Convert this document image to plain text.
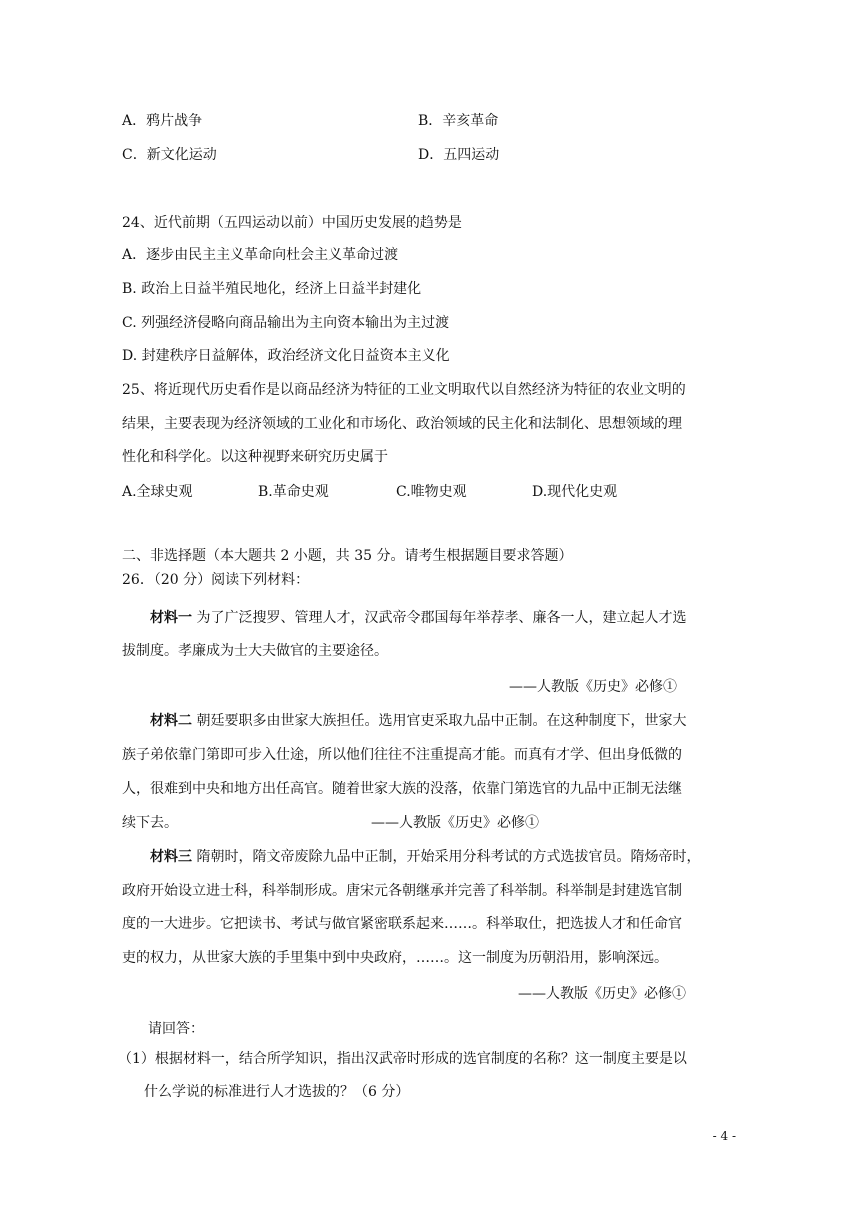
A．鸦片战争	B．辛亥革命
C．新文化运动	D．五四运动
24、近代前期（五四运动以前）中国历史发展的趋势是
A．逐步由民主主义革命向杜会主义革命过渡
B. 政治上日益半殖民地化，经济上日益半封建化
C. 列强经济侵略向商品输出为主向资本输出为主过渡
D. 封建秩序日益解体，政治经济文化日益资本主义化
25、将近现代历史看作是以商品经济为特征的工业文明取代以自然经济为特征的农业文明的
结果，主要表现为经济领域的工业化和市场化、政治领域的民主化和法制化、思想领域的理
性化和科学化。以这种视野来研究历史属于
A.全球史观	B.革命史观	C.唯物史观	D.现代化史观
二、非选择题（本大题共 2 小题，共 35 分。请考生根据题目要求答题）
26．（20 分）阅读下列材料：
材料一 为了广泛搜罗、管理人才，汉武帝令郡国每年举荐孝、廉各一人，建立起人才选
拔制度。孝廉成为士大夫做官的主要途径。
——人教版《历史》必修①
材料二 朝廷要职多由世家大族担任。选用官吏采取九品中正制。在这种制度下，世家大
族子弟依靠门第即可步入仕途，所以他们往往不注重提高才能。而真有才学、但出身低微的
人，很难到中央和地方出任高官。随着世家大族的没落，依靠门第选官的九品中正制无法继
续下去。	——人教版《历史》必修①
材料三 隋朝时，隋文帝废除九品中正制，开始采用分科考试的方式选拔官员。隋炀帝时，
政府开始设立进士科，科举制形成。唐宋元各朝继承并完善了科举制。科举制是封建选官制
度的一大进步。它把读书、考试与做官紧密联系起来……。科举取仕，把选拔人才和任命官
吏的权力，从世家大族的手里集中到中央政府，……。这一制度为历朝沿用，影响深远。
——人教版《历史》必修①
请回答：
（1）根据材料一，结合所学知识，指出汉武帝时形成的选官制度的名称？这一制度主要是以
什么学说的标准进行人才选拔的？（6 分）
- 4 -
